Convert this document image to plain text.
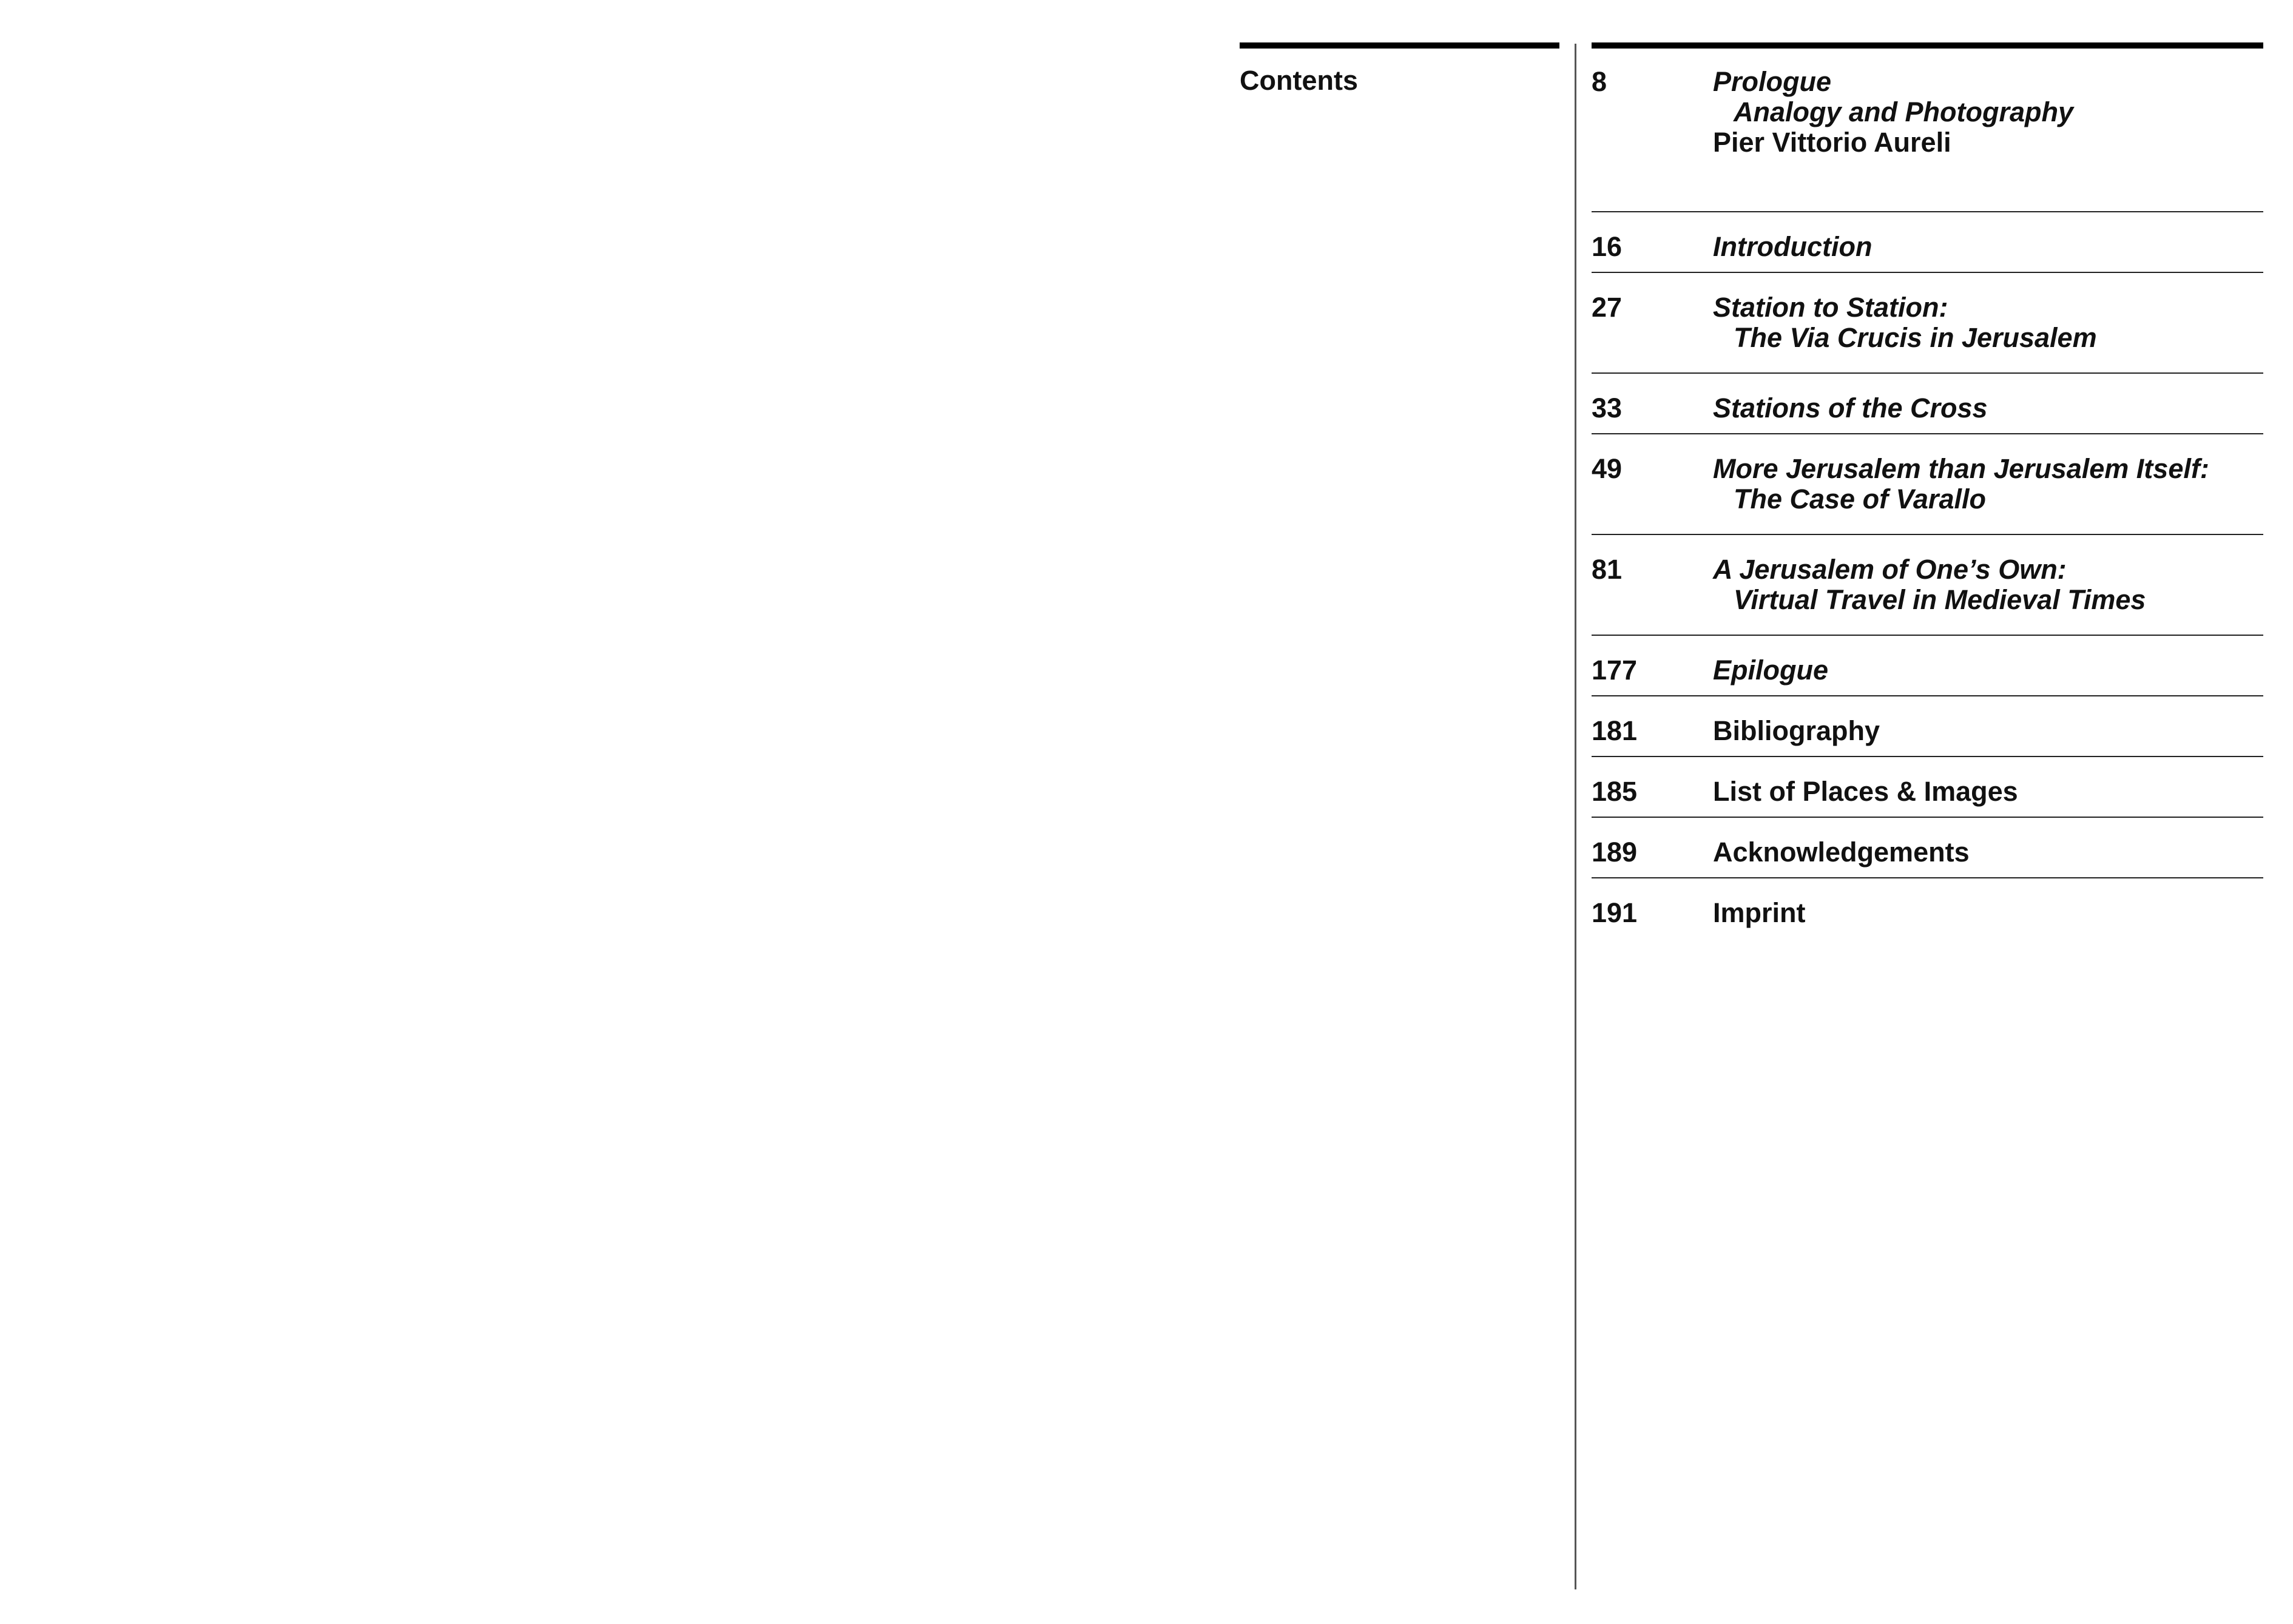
Contents	8	Prologue
Analogy and Photography
Pier Vittorio Aureli
16	Introduction
27	Station to Station:
The Via Crucis in Jerusalem
33	Stations of the Cross
49	More Jerusalem than Jerusalem Itself:
The Case of Varallo
81	A Jerusalem of One’s Own:
Virtual Travel in Medieval Times
177	Epilogue
181	Bibliography
185	List of Places & Images
189	Acknowledgements
191	Imprint
